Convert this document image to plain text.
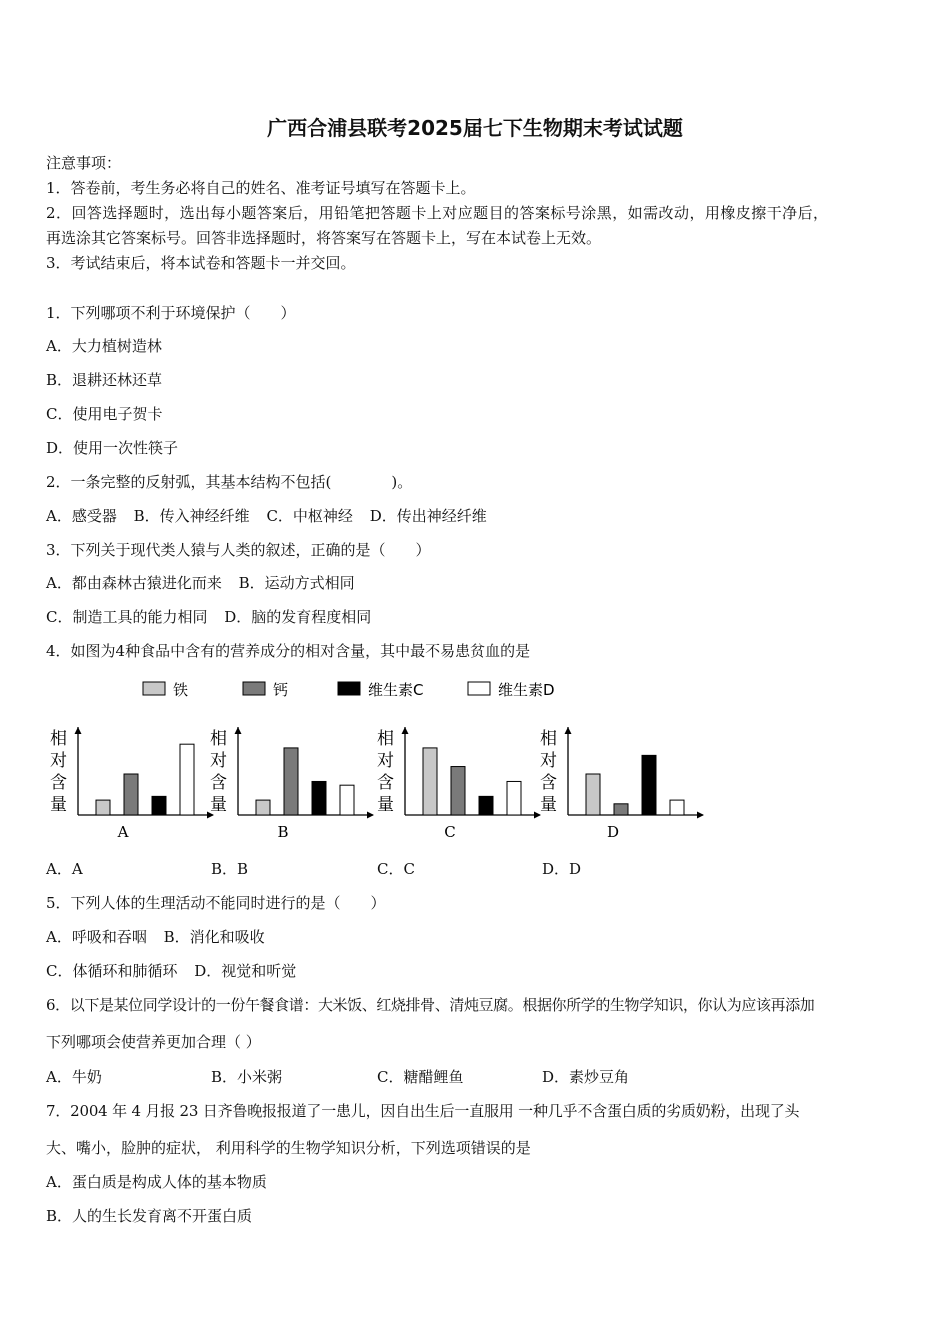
广西合浦县联考2025届七下生物期末考试试题
注意事项：
1．答卷前，考生务必将自己的姓名、准考证号填写在答题卡上。
2．回答选择题时，选出每小题答案后，用铅笔把答题卡上对应题目的答案标号涂黑，如需改动，用橡皮擦干净后，
再选涂其它答案标号。回答非选择题时，将答案写在答题卡上，写在本试卷上无效。
3．考试结束后，将本试卷和答题卡一并交回。
1．下列哪项不利于环境保护（　　）
A．大力植树造林
B．退耕还林还草
C．使用电子贺卡
D．使用一次性筷子
2．一条完整的反射弧，其基本结构不包括(　　　　)。
A．感受器 B．传入神经纤维 C．中枢神经 D．传出神经纤维
3．下列关于现代类人猿与人类的叙述，正确的是（　　）
A．都由森林古猿进化而来 B．运动方式相同
C．制造工具的能力相同 D．脑的发育程度相同
4．如图为4种食品中含有的营养成分的相对含量，其中最不易患贫血的是
铁	钙	维生素C	维生素D
相
对
含
量
A
相
对
含
量
B
相
对
含
量
C
相
对
含
量
D
A．A	B．B	C．C	D．D
5．下列人体的生理活动不能同时进行的是（　　）
A．呼吸和吞咽 B．消化和吸收
C．体循环和肺循环 D．视觉和听觉
6．以下是某位同学设计的一份午餐食谱：大米饭、红烧排骨、清炖豆腐。根据你所学的生物学知识，你认为应该再添加
下列哪项会使营养更加合理（ ）
A．牛奶	B．小米粥	C．糖醋鲤鱼	D．素炒豆角
7．2004 年 4 月报 23 日齐鲁晚报报道了一患儿，因自出生后一直服用 一种几乎不含蛋白质的劣质奶粉，出现了头
大、嘴小，脸肿的症状， 利用科学的生物学知识分析，下列选项错误的是
A．蛋白质是构成人体的基本物质
B．人的生长发育离不开蛋白质
